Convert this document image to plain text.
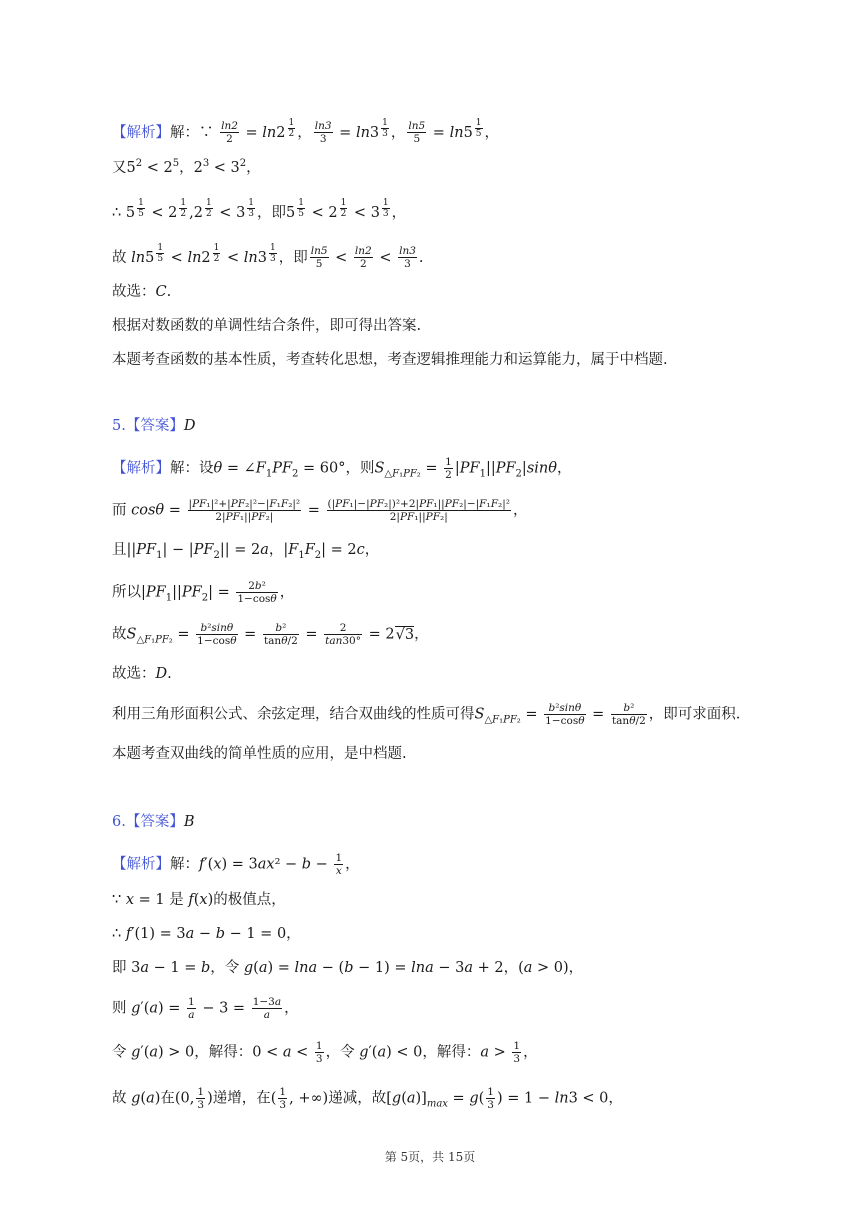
【解析】解：∵ $\frac{\ln 2}{2} = \ln 2$ $^{\frac{1}{2}}$ ， $\frac{\ln 3}{3} = \ln 3$ $^{\frac{1}{3}}$ ， $\frac{\ln 5}{5} = \ln 5$ $^{\frac{1}{5}}$ ，
又$5^2 < 2^5$，$2^3 < 3^2$，
∴ 5 $^{\frac{1}{5}}$ < 2 $^{\frac{1}{2}}$ ,2 $^{\frac{1}{2}}$ < 3 $^{\frac{1}{3}}$ ，即5 $^{\frac{1}{5}}$ < 2 $^{\frac{1}{2}}$ < 3 $^{\frac{1}{3}}$ ，
故 ln5 $^{\frac{1}{5}}$ < ln2 $^{\frac{1}{2}}$ < ln3 $^{\frac{1}{3}}$ ，即 $\frac{\ln 5}{5} < \frac{\ln 2}{2} < \frac{\ln 3}{3}$ .
故选：C.
根据对数函数的单调性结合条件，即可得出答案.
本题考查函数的基本性质，考查转化思想，考查逻辑推理能力和运算能力，属于中档题.
5.【答案】D
【解析】解：设$\theta = \angle F_1PF_2 = 60^\circ$，则$S_{\triangle F_1PF_2} = \frac{1}{2} |PF_1||PF_2|\sin\theta$，
而 $\cos\theta = \frac{\text{|PF₁|²+|PF₂|²−|F₁F₂|²}}{\text{2|PF₁||PF₂|}} = \frac{\text{(|PF₁|−|PF₂|)²+2|PF₁||PF₂|−|F₁F₂|²}}{\text{2|PF₁||PF₂|}}$ ，
且$||PF_1| - |PF_2|| = 2a$，$|F_1F_2| = 2c$，
所以$|PF_1||PF_2| = \frac{\text{2b²}}{1-\cos\theta}$ ，
故$S_{\triangle F_1PF_2} = \frac{\text{b²sinθ}}{1-\cos\theta} = \frac{\text{b²}}{\tan\theta/2} = \frac{2}{\tan 30^\circ} = 2√3$，
故选：D.
利用三角形面积公式、余弦定理，结合双曲线的性质可得$S_{\triangle F_1PF_2} = \frac{\text{b²sinθ}}{1-\cos\theta} = \frac{\text{b²}}{\tan\theta/2}$ ，即可求面积.
本题考查双曲线的简单性质的应用，是中档题.
6.【答案】B
【解析】解：$f'(x) = 3ax^2 - b - \frac{1}{x}$ ，
∵ x = 1 是 f(x)的极值点，
∴ f′(1) = 3a − b − 1 = 0，
即 3a − 1 = b，令 g(a) = lna − (b − 1) = lna − 3a + 2，(a > 0)，
则 $g'(a) = \frac{1}{a} - 3 = \frac{1-3a}{a}$ ，
令 g′(a) > 0，解得：$0 < a < \frac{1}{3}$ ，令 g′(a) < 0，解得：$a > \frac{1}{3}$ ，
故 g(a)在(0, $\frac{1}{3}$ )递增，在( $\frac{1}{3}$ , +∞)递减，故$[g(a)]_{max} = g( \frac{1}{3}$ ) = 1 − ln3 < 0，
第 5页，共 15页
